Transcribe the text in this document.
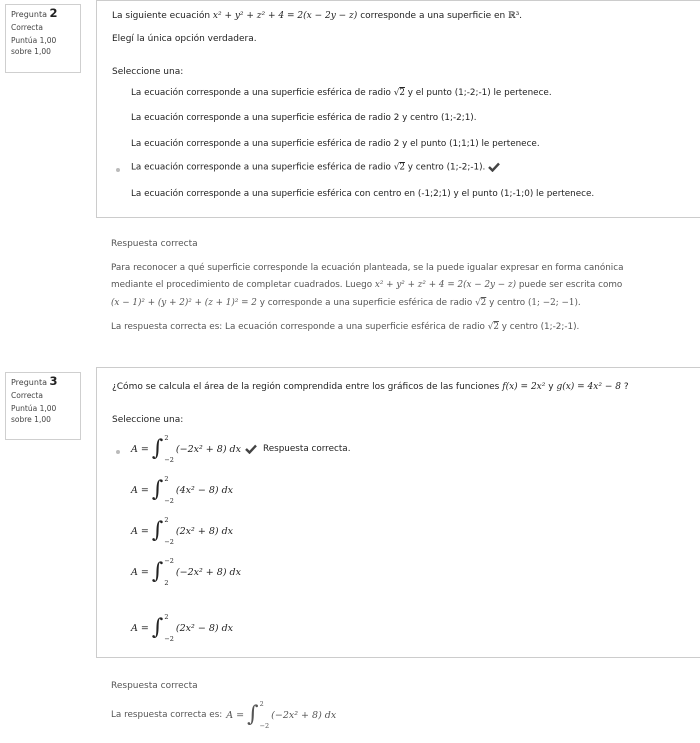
Pregunta 2
Correcta
Puntúa 1,00
sobre 1,00
La siguiente ecuación x² + y² + z² + 4 = 2(x − 2y − z) corresponde a una superficie en ℝ³.
Elegí la única opción verdadera.
Seleccione una:
La ecuación corresponde a una superficie esférica de radio √2 y el punto (1;-2;-1) le pertenece.
La ecuación corresponde a una superficie esférica de radio 2 y centro (1;-2;1).
La ecuación corresponde a una superficie esférica de radio 2 y el punto (1;1;1) le pertenece.
La ecuación corresponde a una superficie esférica de radio √2 y centro (1;-2;-1).
La ecuación corresponde a una superficie esférica con centro en (-1;2;1) y el punto (1;-1;0) le pertenece.
Respuesta correcta
Para reconocer a qué superficie corresponde la ecuación planteada, se la puede igualar expresar en forma canónica
mediante el procedimiento de completar cuadrados. Luego x² + y² + z² + 4 = 2(x − 2y − z) puede ser escrita como
(x − 1)² + (y + 2)² + (z + 1)² = 2 y corresponde a una superficie esférica de radio √2 y centro (1; −2; −1).
La respuesta correcta es: La ecuación corresponde a una superficie esférica de radio √2 y centro (1;-2;-1).
Pregunta 3
Correcta
Puntúa 1,00
sobre 1,00
¿Cómo se calcula el área de la región comprendida entre los gráficos de las funciones f(x) = 2x² y g(x) = 4x² − 8 ?
Seleccione una:
A = ∫ 2
−2
(−2x² + 8) dx	Respuesta correcta.
A = ∫ 2
−2
(4x² − 8) dx
A = ∫ 2
−2
(2x² + 8) dx
A = ∫ −2
2
(−2x² + 8) dx
A = ∫ 2
−2
(2x² − 8) dx
Respuesta correcta
La respuesta correcta es: A = ∫ 2
−2
(−2x² + 8) dx
